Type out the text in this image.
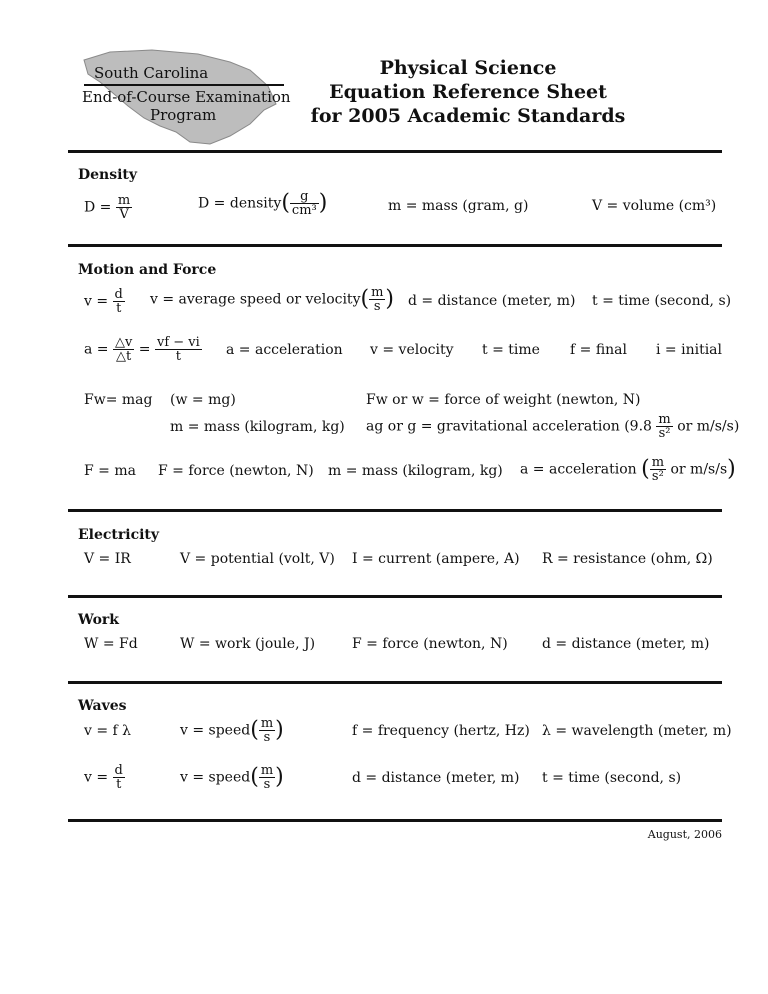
South Carolina
End-of-Course Examination
Program
Physical Science
Equation Reference Sheet
for 2005 Academic Standards
Density
$D = \frac{m}{V}$	D = density( $\frac{g}{\text{cm³}}$ )	m = mass (gram, g)	V = volume (cm³)
Motion and Force
$v = \frac{d}{t}$ v = average speed or velocity( $\frac{m}{s}$ ) d = distance (meter, m) t = time (second, s)
$a = \frac{\triangle v}{\triangle t} = \frac{vf - vi}{t}$ a = acceleration v = velocity t = time f = final i = initial
Fw= mag (w = mg)	Fw or w = force of weight (newton, N)
m = mass (kilogram, kg) ag or g = gravitational acceleration ($9.8 \frac{m}{\text{s²}}$ or m/s/s)
F = ma F = force (newton, N) m = mass (kilogram, kg) a = acceleration ( $\frac{m}{\text{s²}}$ or m/s/s)
Electricity
V = IR	V = potential (volt, V) I = current (ampere, A) R = resistance (ohm, Ω)
Work
W = Fd	W = work (joule, J)	F = force (newton, N) d = distance (meter, m)
Waves
v = f λ	v = speed( $\frac{m}{s}$ )	f = frequency (hertz, Hz) λ = wavelength (meter, m)
$v = \frac{d}{t}$	v = speed( $\frac{m}{s}$ )	d = distance (meter, m) t = time (second, s)
August, 2006
